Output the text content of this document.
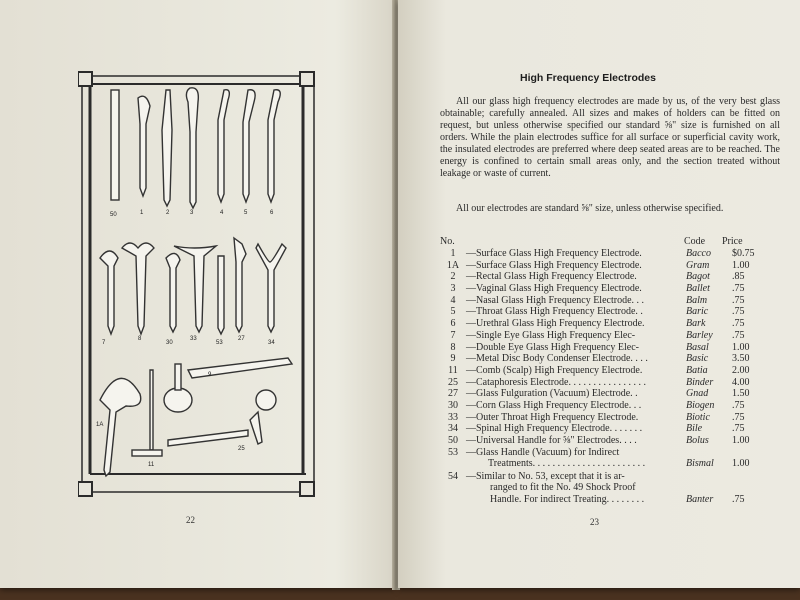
50	1	2	3	4	5	6
7
8
30
33
53
27
34
1A
9
11
25
22
High Frequency Electrodes
All our glass high frequency electrodes are made by us, of the very best glass obtainable; carefully annealed. All sizes and makes of holders can be fitted on request, but unless otherwise specified our standard ⅝" size is furnished on all orders. While the plain electrodes suffice for all surface or superficial cavity work, the insulated electrodes are preferred where deep seated areas are to be reached. The energy is confined to certain small areas only, and the section treated without leakage or waste of current.
All our electrodes are standard ⅝" size, unless otherwise specified.
No.	Code Price
1	—Surface Glass High Frequency Electrode.	Bacco $0.75
1A —Surface Glass High Frequency Electrode.	Gram 1.00
2	—Rectal Glass High Frequency Electrode.	Bagot .85
3	—Vaginal Glass High Frequency Electrode.	Ballet .75
4	—Nasal Glass High Frequency Electrode. . .	Balm .75
5	—Throat Glass High Frequency Electrode. .	Baric .75
6	—Urethral Glass High Frequency Electrode.	Bark	.75
7	—Single Eye Glass High Frequency Elec-	Barley .75
8	—Double Eye Glass High Frequency Elec-	Basal 1.00
9	—Metal Disc Body Condenser Electrode. . . .	Basic 3.50
11 —Comb (Scalp) High Frequency Electrode.	Batia 2.00
25 —Cataphoresis Electrode. . . . . . . . . . . . . . . .	Binder 4.00
27 —Glass Fulguration (Vacuum) Electrode. .	Gnad 1.50
30 —Corn Glass High Frequency Electrode. . .	Biogen .75
33 —Outer Throat High Frequency Electrode.	Biotic .75
34 —Spinal High Frequency Electrode. . . . . . .	Bile	.75
50 —Universal Handle for ⅝" Electrodes. . . .	Bolus 1.00
53 —Glass Handle (Vacuum) for Indirect
Treatments. . . . . . . . . . . . . . . . . . . . . . .	Bismal 1.00
54 —Similar to No. 53, except that it is ar-
ranged to fit the No. 49 Shock Proof
Handle. For indirect Treating. . . . . . . .	Banter .75
23
